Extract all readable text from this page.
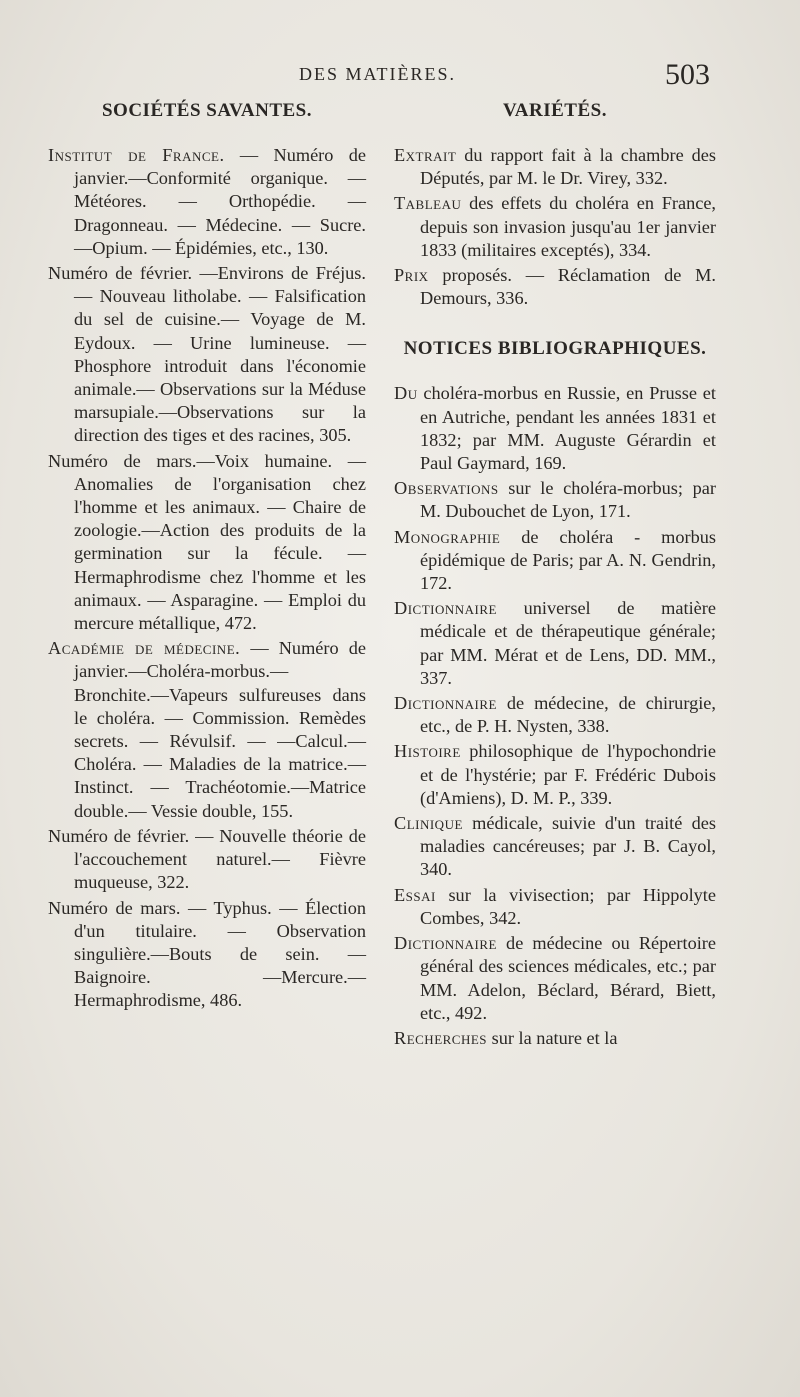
DES MATIÈRES.	503
SOCIÉTÉS SAVANTES.

Institut de France. — Numéro de janvier.—Conformité organique. — Météores. — Orthopédie. — Dragonneau. — Médecine. — Sucre. —Opium. — Épidémies, etc., 130.

Numéro de février. —Environs de Fréjus. — Nouveau litholabe. — Falsification du sel de cuisine.— Voyage de M. Eydoux. — Urine lumineuse. — Phosphore introduit dans l'économie animale.— Observations sur la Méduse marsupiale.—Observations sur la direction des tiges et des racines, 305.

Numéro de mars.—Voix humaine. — Anomalies de l'organisation chez l'homme et les animaux. — Chaire de zoologie.—Action des produits de la germination sur la fécule. — Hermaphrodisme chez l'homme et les animaux. — Asparagine. — Emploi du mercure métallique, 472.

Académie de médecine. — Numéro de janvier.—Choléra-morbus.— Bronchite.—Vapeurs sulfureuses dans le choléra. — Commission. Remèdes secrets. — Révulsif. — —Calcul.—Choléra. — Maladies de la matrice.—Instinct. — Trachéotomie.—Matrice double.— Vessie double, 155.

Numéro de février. — Nouvelle théorie de l'accouchement naturel.— Fièvre muqueuse, 322.

Numéro de mars. — Typhus. — Élection d'un titulaire. — Observation singulière.—Bouts de sein. —Baignoire. —Mercure.—Hermaphrodisme, 486.

VARIÉTÉS.

Extrait du rapport fait à la chambre des Députés, par M. le Dr. Virey, 332.

Tableau des effets du choléra en France, depuis son invasion jusqu'au 1er janvier 1833 (militaires exceptés), 334.

Prix proposés. — Réclamation de M. Demours, 336.

NOTICES BIBLIOGRAPHIQUES.

Du choléra-morbus en Russie, en Prusse et en Autriche, pendant les années 1831 et 1832; par MM. Auguste Gérardin et Paul Gaymard, 169.

Observations sur le choléra-morbus; par M. Dubouchet de Lyon, 171.

Monographie de choléra - morbus épidémique de Paris; par A. N. Gendrin, 172.

Dictionnaire universel de matière médicale et de thérapeutique générale; par MM. Mérat et de Lens, DD. MM., 337.

Dictionnaire de médecine, de chirurgie, etc., de P. H. Nysten, 338.

Histoire philosophique de l'hypochondrie et de l'hystérie; par F. Frédéric Dubois (d'Amiens), D. M. P., 339.

Clinique médicale, suivie d'un traité des maladies cancéreuses; par J. B. Cayol, 340.

Essai sur la vivisection; par Hippolyte Combes, 342.

Dictionnaire de médecine ou Répertoire général des sciences médicales, etc.; par MM. Adelon, Béclard, Bérard, Biett, etc., 492.

Recherches sur la nature et la
